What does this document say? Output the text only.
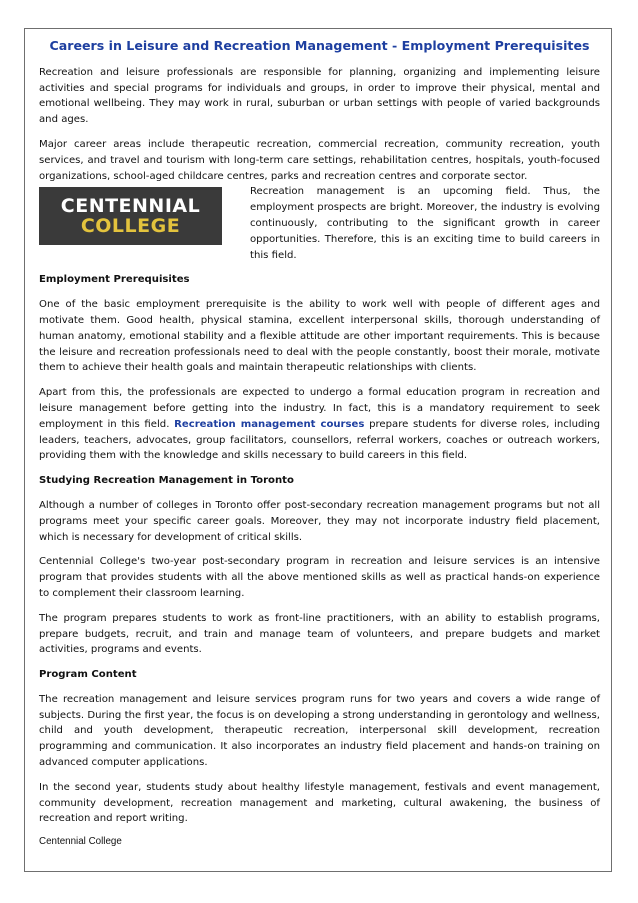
Careers in Leisure and Recreation Management - Employment Prerequisites

Recreation and leisure professionals are responsible for planning, organizing and implementing leisure activities and special programs for individuals and groups, in order to improve their physical, mental and emotional wellbeing. They may work in rural, suburban or urban settings with people of varied backgrounds and ages.

Major career areas include therapeutic recreation, commercial recreation, community recreation, youth services, and travel and tourism with long-term care settings, rehabilitation centres, hospitals, youth-focused organizations, school-aged childcare centres, parks and recreation centres and corporate sector.

CENTENNIAL
COLLEGE
Recreation management is an upcoming field. Thus, the employment prospects are bright. Moreover, the industry is evolving continuously, contributing to the significant growth in career opportunities. Therefore, this is an exciting time to build careers in this field.
Employment Prerequisites

One of the basic employment prerequisite is the ability to work well with people of different ages and motivate them. Good health, physical stamina, excellent interpersonal skills, thorough understanding of human anatomy, emotional stability and a flexible attitude are other important requirements. This is because the leisure and recreation professionals need to deal with the people constantly, boost their morale, motivate them to achieve their health goals and maintain therapeutic relationships with clients.

Apart from this, the professionals are expected to undergo a formal education program in recreation and leisure management before getting into the industry. In fact, this is a mandatory requirement to seek employment in this field. Recreation management courses prepare students for diverse roles, including leaders, teachers, advocates, group facilitators, counsellors, referral workers, coaches or outreach workers, providing them with the knowledge and skills necessary to build careers in this field.

Studying Recreation Management in Toronto

Although a number of colleges in Toronto offer post-secondary recreation management programs but not all programs meet your specific career goals. Moreover, they may not incorporate industry field placement, which is necessary for development of critical skills.

Centennial College's two-year post-secondary program in recreation and leisure services is an intensive program that provides students with all the above mentioned skills as well as practical hands-on experience to complement their classroom learning.

The program prepares students to work as front-line practitioners, with an ability to establish programs, prepare budgets, recruit, and train and manage team of volunteers, and prepare budgets and market activities, programs and events.

Program Content

The recreation management and leisure services program runs for two years and covers a wide range of subjects. During the first year, the focus is on developing a strong understanding in gerontology and wellness, child and youth development, therapeutic recreation, interpersonal skill development, recreation programming and communication. It also incorporates an industry field placement and hands-on training on advanced computer applications.

In the second year, students study about healthy lifestyle management, festivals and event management, community development, recreation management and marketing, cultural awakening, the business of recreation and report writing.

Centennial College
